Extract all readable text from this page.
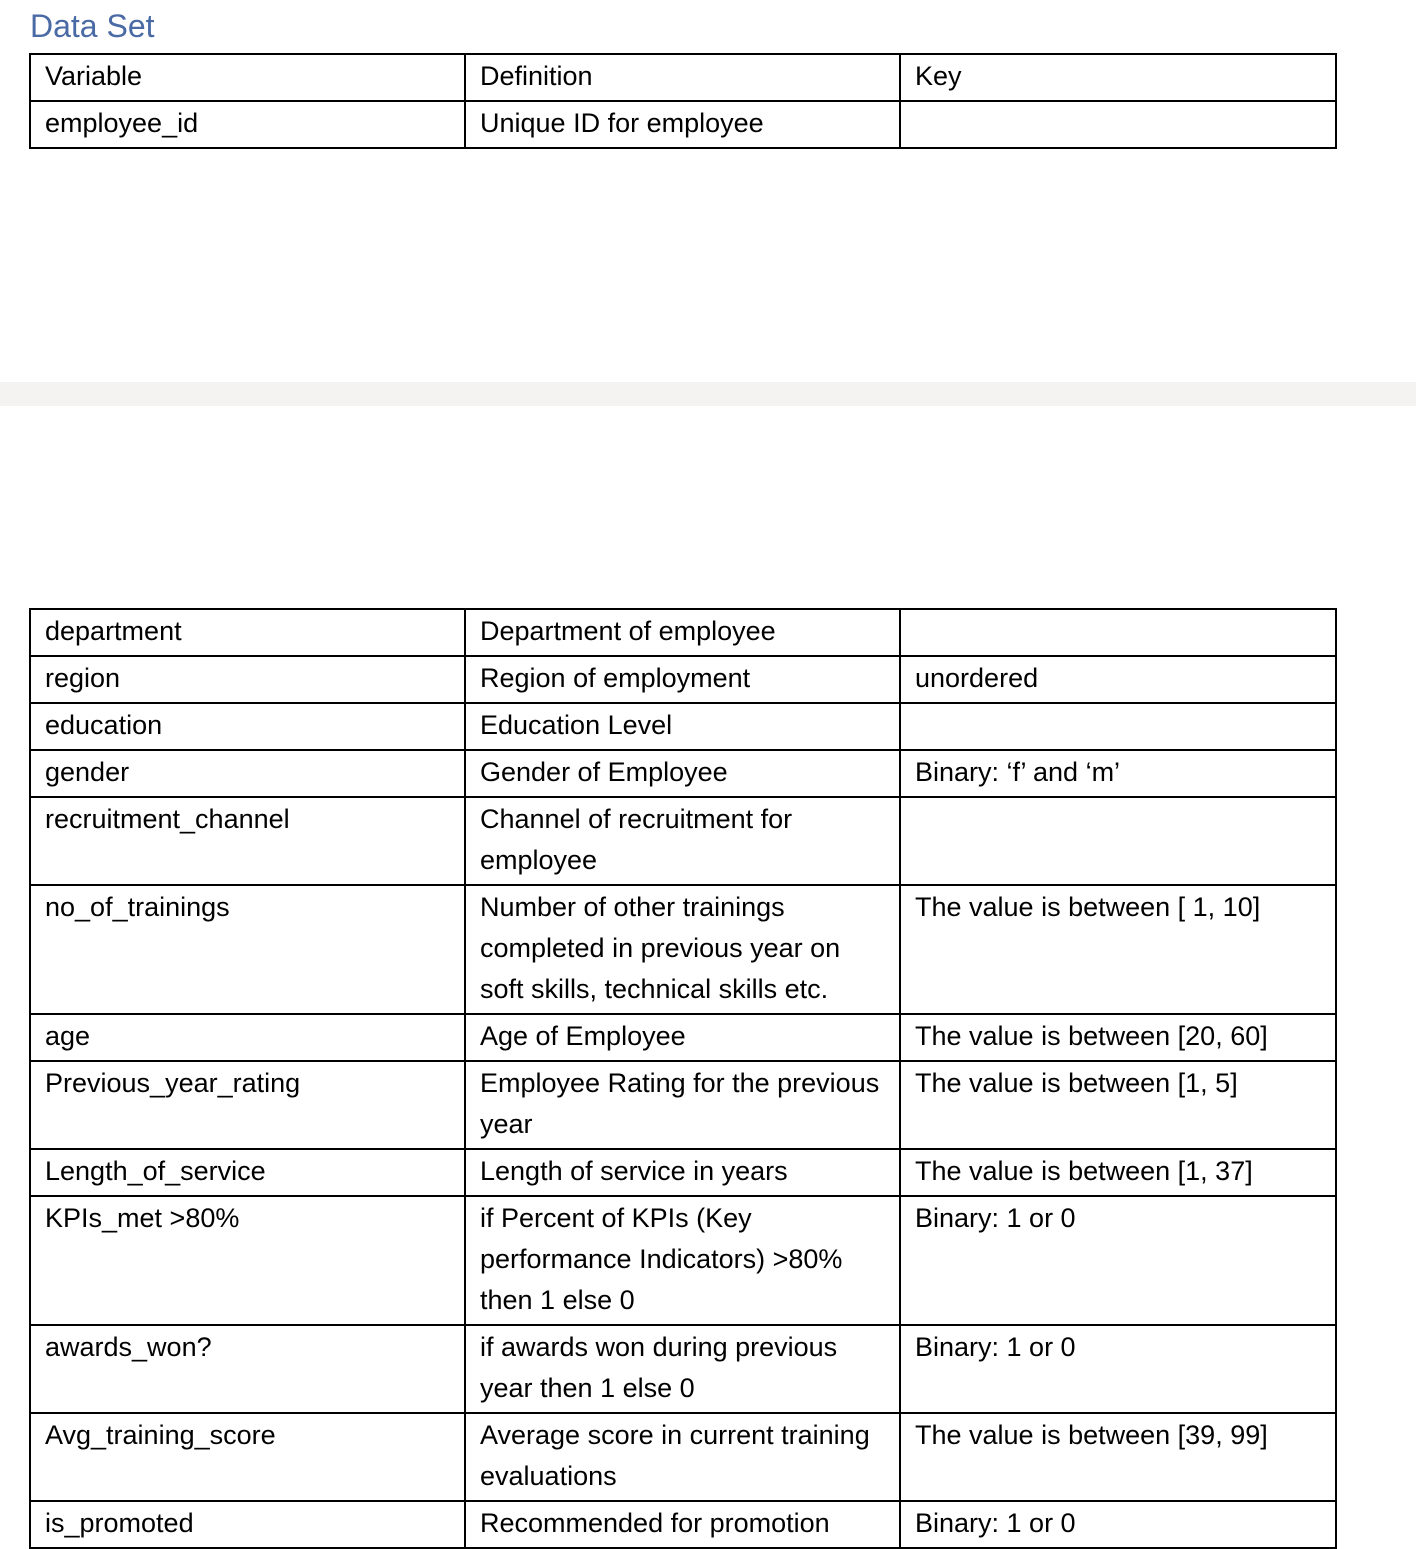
Data Set
Variable	Definition	Key
employee_id	Unique ID for employee	
department	Department of employee	
region	Region of employment	unordered
education	Education Level	
gender	Gender of Employee	Binary: ‘f’ and ‘m’
recruitment_channel	Channel of recruitment for employee	
no_of_trainings	Number of other trainings completed in previous year on soft skills, technical skills etc.	The value is between [ 1, 10]
age	Age of Employee	The value is between [20, 60]
Previous_year_rating	Employee Rating for the previous year	The value is between [1, 5]
Length_of_service	Length of service in years	The value is between [1, 37]
KPIs_met >80%	if Percent of KPIs (Key performance Indicators) >80% then 1 else 0	Binary: 1 or 0
awards_won?	if awards won during previous year then 1 else 0	Binary: 1 or 0
Avg_training_score	Average score in current training evaluations	The value is between [39, 99]
is_promoted	Recommended for promotion	Binary: 1 or 0
